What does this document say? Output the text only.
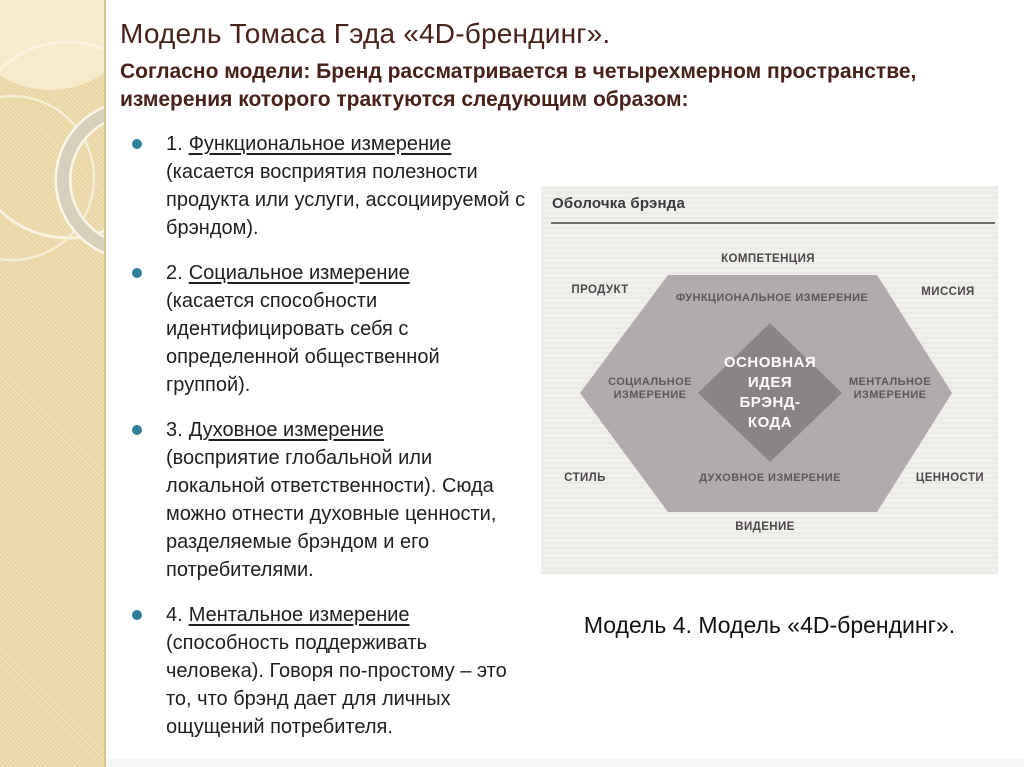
Модель Томаса Гэда «4D-брендинг».
Согласно модели: Бренд рассматривается в четырехмерном пространстве,
измерения которого трактуются следующим образом:
1. Функциональное измерение
(касается восприятия полезности продукта или услуги, ассоциируемой с брэндом).
2. Социальное измерение
(касается способности идентифицировать себя с определенной общественной группой).
3. Духовное измерение
(восприятие глобальной или локальной ответственности). Сюда можно отнести духовные ценности, разделяемые брэндом и его потребителями.
4. Ментальное измерение
(способность поддерживать человека). Говоря по-простому – это то, что брэнд дает для личных ощущений потребителя.
Оболочка брэнда
КОМПЕТЕНЦИЯ
ПРОДУКТ	МИССИЯ
СТИЛЬ	ЦЕННОСТИ
ВИДЕНИЕ
ФУНКЦИОНАЛЬНОЕ ИЗМЕРЕНИЕ
СОЦИАЛЬНОЕ ИЗМЕРЕНИЕ
МЕНТАЛЬНОЕ ИЗМЕРЕНИЕ
ДУХОВНОЕ ИЗМЕРЕНИЕ
ОСНОВНАЯ
ИДЕЯ
БРЭНД-
КОДА
Модель 4. Модель «4D-брендинг».
